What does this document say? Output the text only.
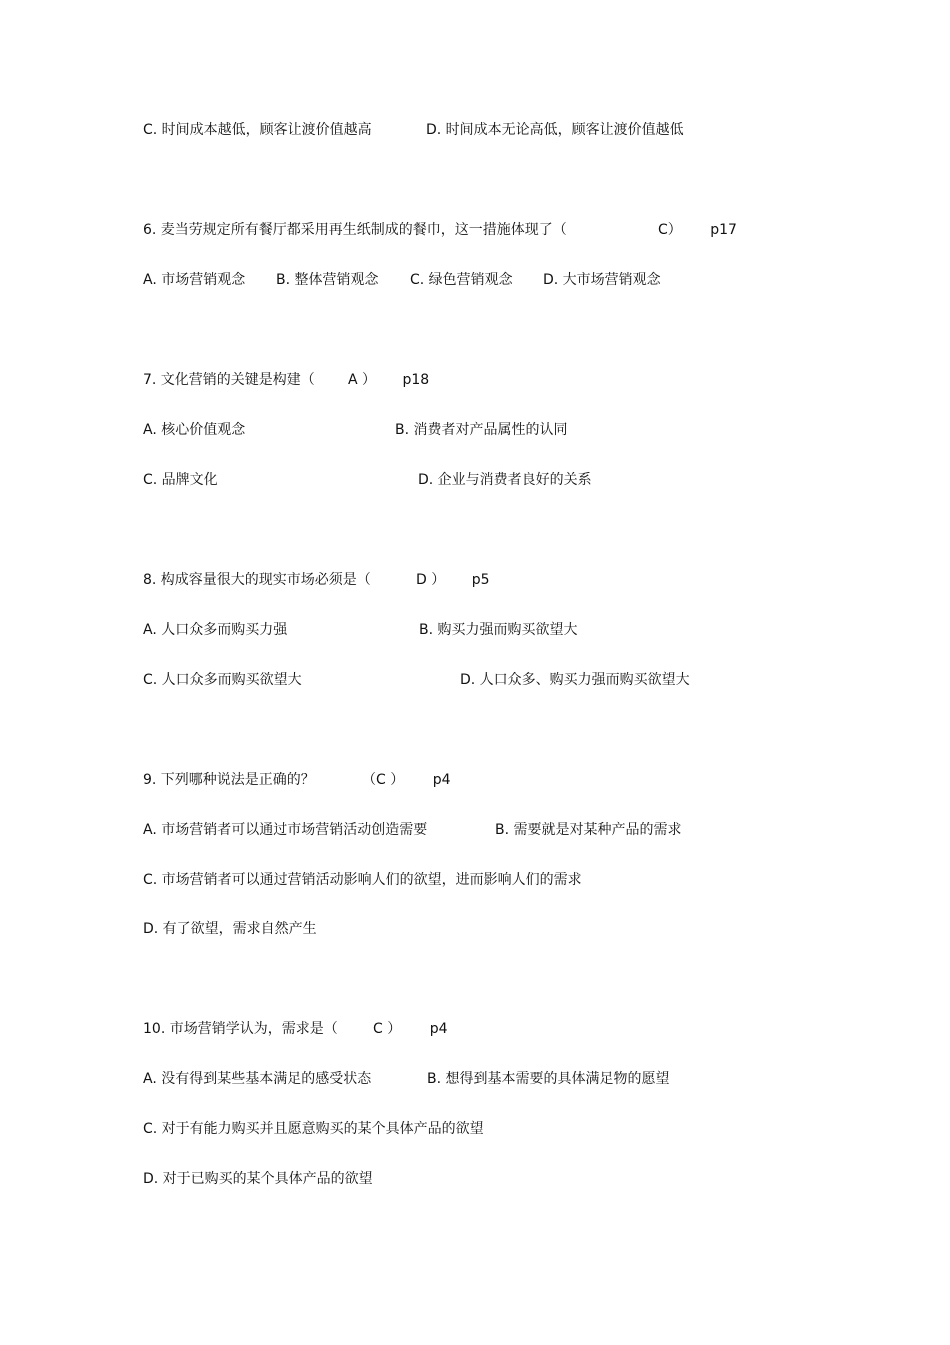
C. 时间成本越低，顾客让渡价值越高	D. 时间成本无论高低，顾客让渡价值越低
6. 麦当劳规定所有餐厅都采用再生纸制成的餐巾，这一措施体现了（	C） p17
A. 市场营销观念 B. 整体营销观念 C. 绿色营销观念 D. 大市场营销观念
7. 文化营销的关键是构建（ A ） p18
A. 核心价值观念	B. 消费者对产品属性的认同
C. 品牌文化	D. 企业与消费者良好的关系
8. 构成容量很大的现实市场必须是（	D ） p5
A. 人口众多而购买力强	B. 购买力强而购买欲望大
C. 人口众多而购买欲望大	D. 人口众多、购买力强而购买欲望大
9. 下列哪种说法是正确的？	（C ） p4
A. 市场营销者可以通过市场营销活动创造需要	B. 需要就是对某种产品的需求
C. 市场营销者可以通过营销活动影响人们的欲望，进而影响人们的需求
D. 有了欲望，需求自然产生
10. 市场营销学认为，需求是（	C ） p4
A. 没有得到某些基本满足的感受状态	B. 想得到基本需要的具体满足物的愿望
C. 对于有能力购买并且愿意购买的某个具体产品的欲望
D. 对于已购买的某个具体产品的欲望
